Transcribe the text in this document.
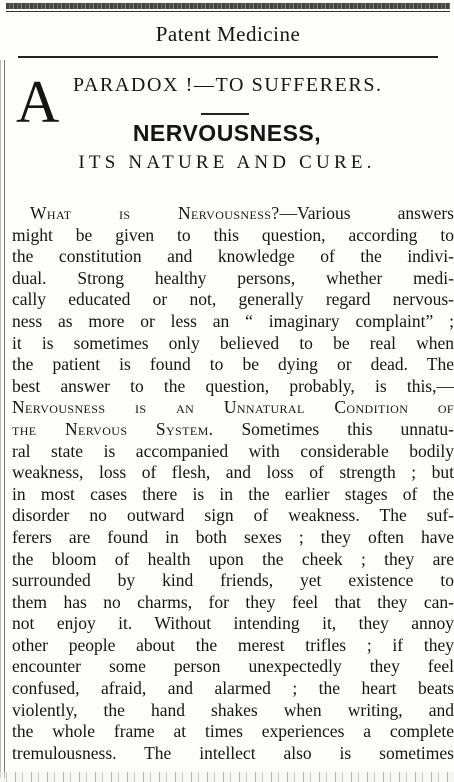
Patent Medicine
A PARADOX !—TO SUFFERERS.
NERVOUSNESS,
ITS NATURE AND CURE.
What is Nervousness?—Various answers
might be given to this question, according to
the constitution and knowledge of the indivi-
dual. Strong healthy persons, whether medi-
cally educated or not, generally regard nervous-
ness as more or less an “ imaginary complaint” ;
it is sometimes only believed to be real when
the patient is found to be dying or dead. The
best answer to the question, probably, is this,—
Nervousness is an Unnatural Condition of
the Nervous System. Sometimes this unnatu-
ral state is accompanied with considerable bodily
weakness, loss of flesh, and loss of strength ; but
in most cases there is in the earlier stages of the
disorder no outward sign of weakness. The suf-
ferers are found in both sexes ; they often have
the bloom of health upon the cheek ; they are
surrounded by kind friends, yet existence to
them has no charms, for they feel that they can-
not enjoy it. Without intending it, they annoy
other people about the merest trifles ; if they
encounter some person unexpectedly they feel
confused, afraid, and alarmed ; the heart beats
violently, the hand shakes when writing, and
the whole frame at times experiences a complete
tremulousness. The intellect also is sometimes
